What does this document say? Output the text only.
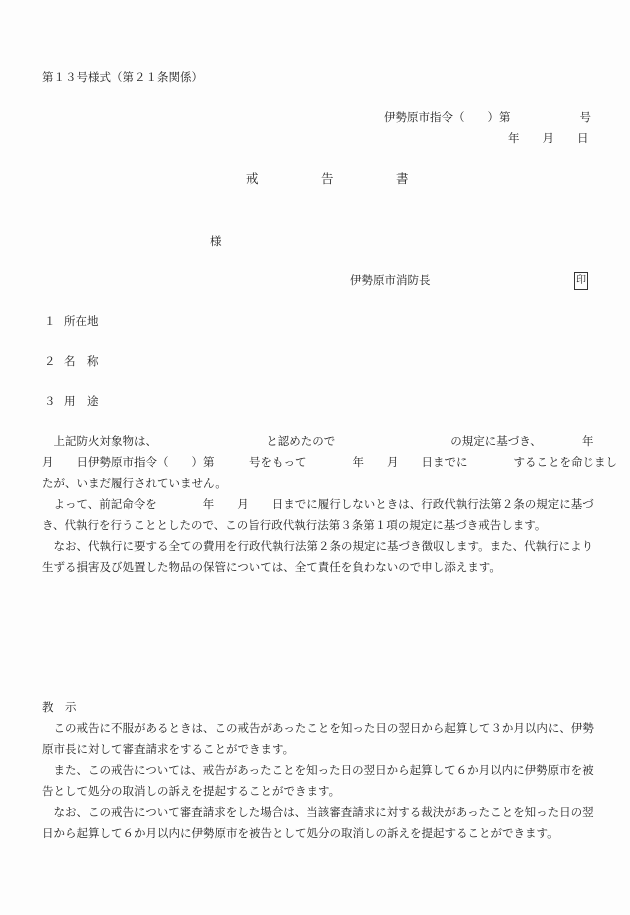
第１３号様式（第２１条関係）
伊勢原市指令（　　）第　　　　　　号
年　　月　　日
戒　　　　　告　　　　　書
様
伊勢原市消防長	印
１ 所在地
２ 名　称
３ 用　途
　上記防火対象物は、　　　　　　　　　　と認めたので　　　　　　　　　　の規定に基づき、　　　　年
月　　日伊勢原市指令（　　）第　　　号をもって　　　　年　　月　　日までに　　　　することを命じまし
たが、いまだ履行されていません。
　よって、前記命令を　　　　年　　月　　日までに履行しないときは、行政代執行法第２条の規定に基づ
き、代執行を行うこととしたので、この旨行政代執行法第３条第１項の規定に基づき戒告します。
　なお、代執行に要する全ての費用を行政代執行法第２条の規定に基づき徴収します。また、代執行により
生ずる損害及び処置した物品の保管については、全て責任を負わないので申し添えます。
教　示
　この戒告に不服があるときは、この戒告があったことを知った日の翌日から起算して３か月以内に、伊勢
原市長に対して審査請求をすることができます。
　また、この戒告については、戒告があったことを知った日の翌日から起算して６か月以内に伊勢原市を被
告として処分の取消しの訴えを提起することができます。
　なお、この戒告について審査請求をした場合は、当該審査請求に対する裁決があったことを知った日の翌
日から起算して６か月以内に伊勢原市を被告として処分の取消しの訴えを提起することができます。
